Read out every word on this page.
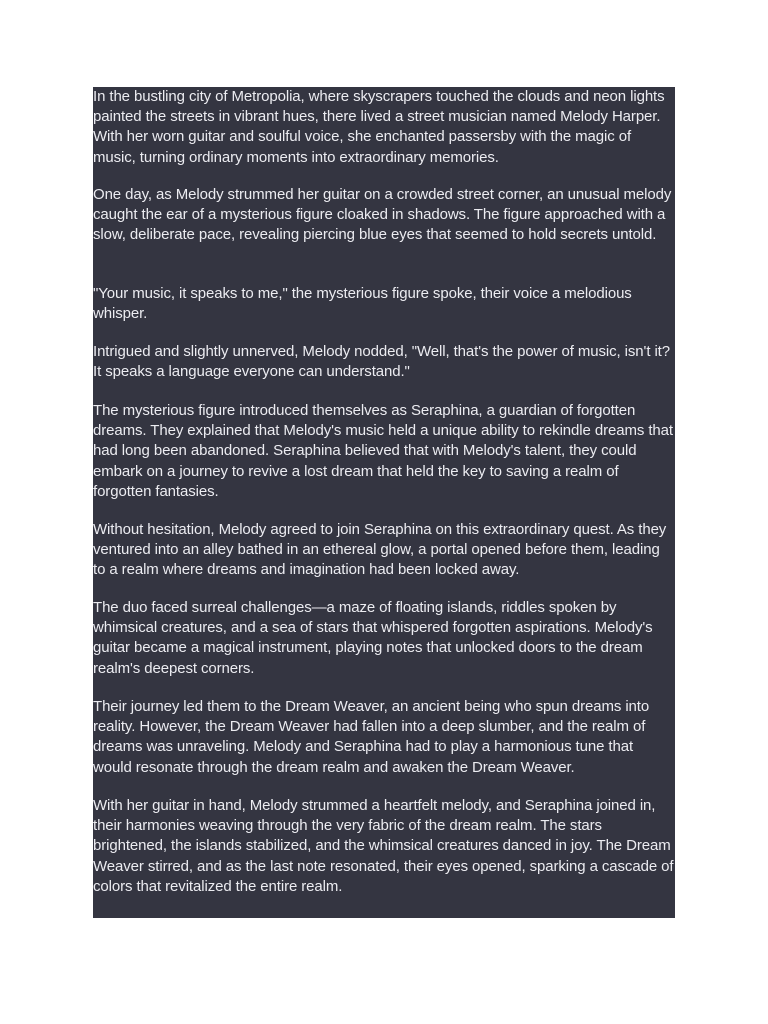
In the bustling city of Metropolia, where skyscrapers touched the clouds and neon lights painted the streets in vibrant hues, there lived a street musician named Melody Harper. With her worn guitar and soulful voice, she enchanted passersby with the magic of music, turning ordinary moments into extraordinary memories.

One day, as Melody strummed her guitar on a crowded street corner, an unusual melody caught the ear of a mysterious figure cloaked in shadows. The figure approached with a slow, deliberate pace, revealing piercing blue eyes that seemed to hold secrets untold.

"Your music, it speaks to me," the mysterious figure spoke, their voice a melodious whisper.

Intrigued and slightly unnerved, Melody nodded, "Well, that's the power of music, isn't it? It speaks a language everyone can understand."

The mysterious figure introduced themselves as Seraphina, a guardian of forgotten dreams. They explained that Melody's music held a unique ability to rekindle dreams that had long been abandoned. Seraphina believed that with Melody's talent, they could embark on a journey to revive a lost dream that held the key to saving a realm of forgotten fantasies.

Without hesitation, Melody agreed to join Seraphina on this extraordinary quest. As they ventured into an alley bathed in an ethereal glow, a portal opened before them, leading to a realm where dreams and imagination had been locked away.

The duo faced surreal challenges—a maze of floating islands, riddles spoken by whimsical creatures, and a sea of stars that whispered forgotten aspirations. Melody's guitar became a magical instrument, playing notes that unlocked doors to the dream realm's deepest corners.

Their journey led them to the Dream Weaver, an ancient being who spun dreams into reality. However, the Dream Weaver had fallen into a deep slumber, and the realm of dreams was unraveling. Melody and Seraphina had to play a harmonious tune that would resonate through the dream realm and awaken the Dream Weaver.

With her guitar in hand, Melody strummed a heartfelt melody, and Seraphina joined in, their harmonies weaving through the very fabric of the dream realm. The stars brightened, the islands stabilized, and the whimsical creatures danced in joy. The Dream Weaver stirred, and as the last note resonated, their eyes opened, sparking a cascade of colors that revitalized the entire realm.
